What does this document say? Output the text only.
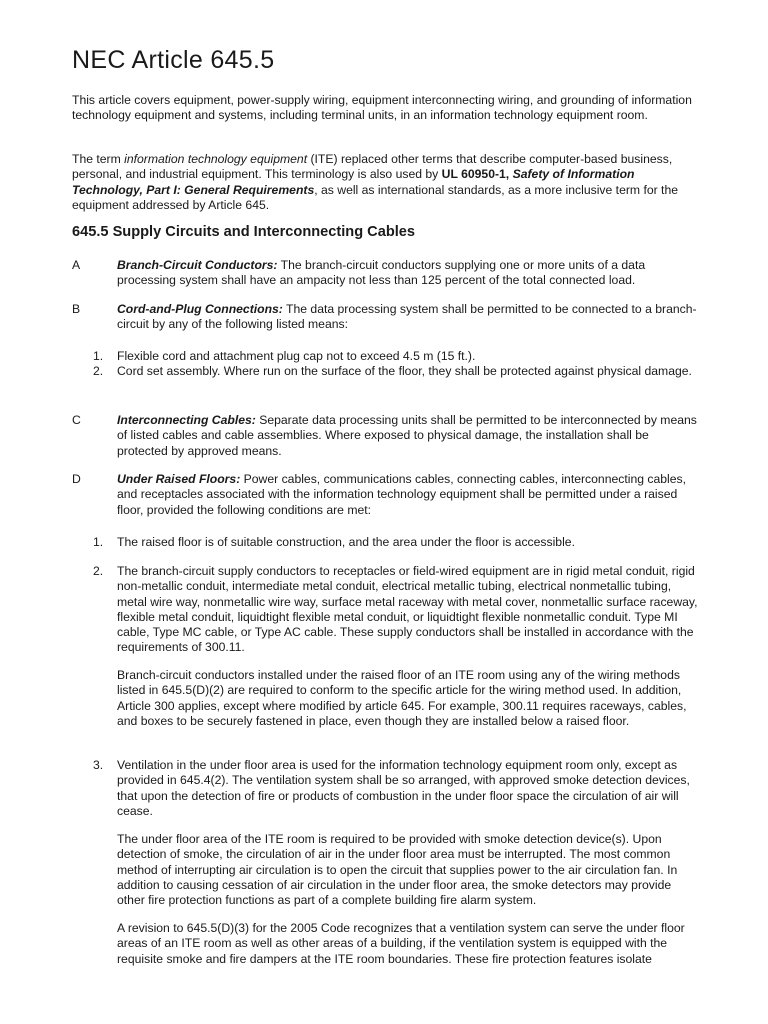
NEC Article 645.5

This article covers equipment, power-supply wiring, equipment interconnecting wiring, and grounding of information technology equipment and systems, including terminal units, in an information technology equipment room.

The term information technology equipment (ITE) replaced other terms that describe computer-based business, personal, and industrial equipment. This terminology is also used by UL 60950-1, Safety of Information Technology, Part I: General Requirements, as well as international standards, as a more inclusive term for the equipment addressed by Article 645.

645.5 Supply Circuits and Interconnecting Cables
A	Branch-Circuit Conductors: The branch-circuit conductors supplying one or more units of a data processing system shall have an ampacity not less than 125 percent of the total connected load.

B	Cord-and-Plug Connections: The data processing system shall be permitted to be connected to a branch-circuit by any of the following listed means:

1. Flexible cord and attachment plug cap not to exceed 4.5 m (15 ft.).

2. Cord set assembly. Where run on the surface of the floor, they shall be protected against physical damage.

C	Interconnecting Cables: Separate data processing units shall be permitted to be interconnected by means of listed cables and cable assemblies. Where exposed to physical damage, the installation shall be protected by approved means.

D	Under Raised Floors: Power cables, communications cables, connecting cables, interconnecting cables, and receptacles associated with the information technology equipment shall be permitted under a raised floor, provided the following conditions are met:

1. The raised floor is of suitable construction, and the area under the floor is accessible.

2. The branch-circuit supply conductors to receptacles or field-wired equipment are in rigid metal conduit, rigid non-metallic conduit, intermediate metal conduit, electrical metallic tubing, electrical nonmetallic tubing, metal wire way, nonmetallic wire way, surface metal raceway with metal cover, nonmetallic surface raceway, flexible metal conduit, liquidtight flexible metal conduit, or liquidtight flexible nonmetallic conduit. Type MI cable, Type MC cable, or Type AC cable. These supply conductors shall be installed in accordance with the requirements of 300.11.

Branch-circuit conductors installed under the raised floor of an ITE room using any of the wiring methods listed in 645.5(D)(2) are required to conform to the specific article for the wiring method used. In addition, Article 300 applies, except where modified by article 645. For example, 300.11 requires raceways, cables, and boxes to be securely fastened in place, even though they are installed below a raised floor.

3. Ventilation in the under floor area is used for the information technology equipment room only, except as provided in 645.4(2). The ventilation system shall be so arranged, with approved smoke detection devices, that upon the detection of fire or products of combustion in the under floor space the circulation of air will cease.

The under floor area of the ITE room is required to be provided with smoke detection device(s). Upon detection of smoke, the circulation of air in the under floor area must be interrupted. The most common method of interrupting air circulation is to open the circuit that supplies power to the air circulation fan. In addition to causing cessation of air circulation in the under floor area, the smoke detectors may provide other fire protection functions as part of a complete building fire alarm system.

A revision to 645.5(D)(3) for the 2005 Code recognizes that a ventilation system can serve the under floor areas of an ITE room as well as other areas of a building, if the ventilation system is equipped with the requisite smoke and fire dampers at the ITE room boundaries. These fire protection features isolate
